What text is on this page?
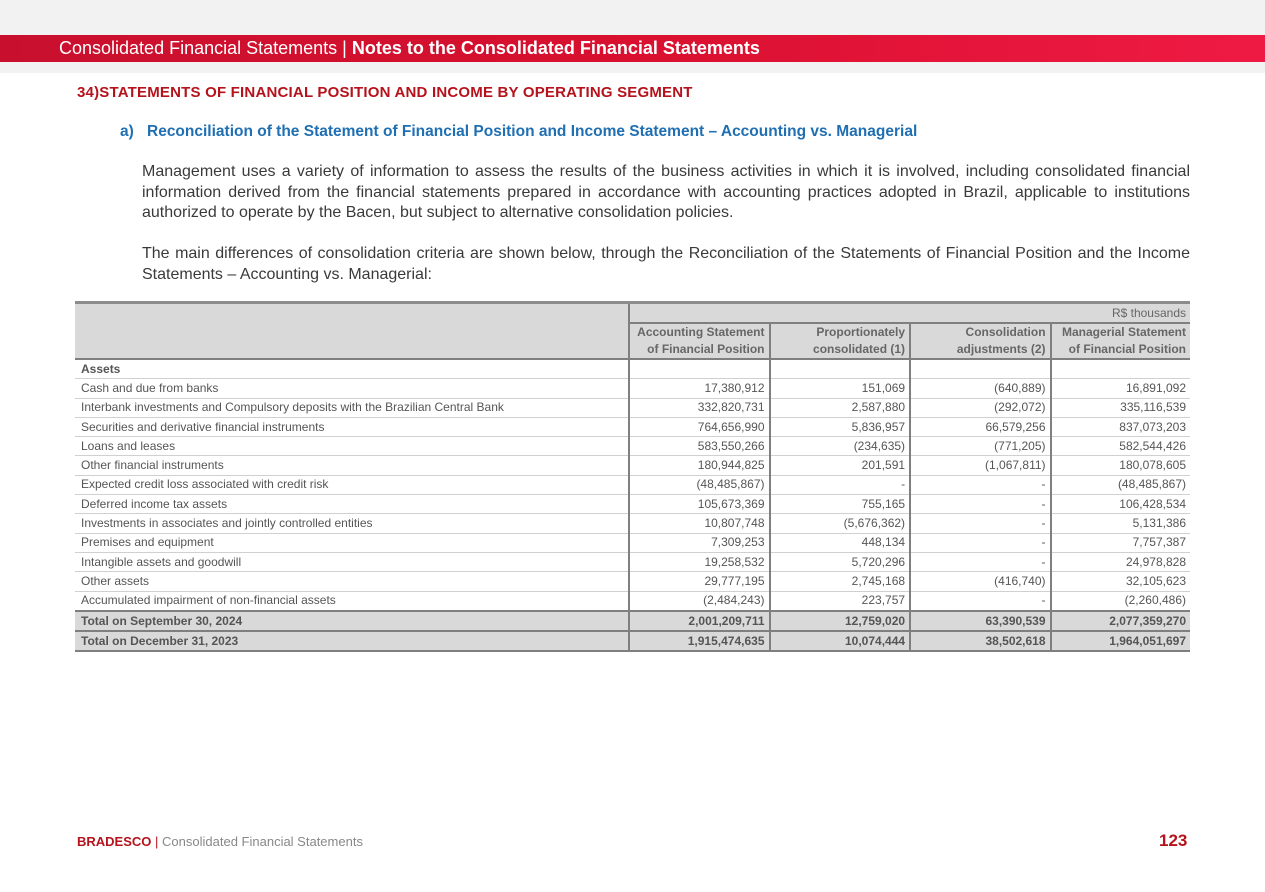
Consolidated Financial Statements | Notes to the Consolidated Financial Statements
34)STATEMENTS OF FINANCIAL POSITION AND INCOME BY OPERATING SEGMENT
a) Reconciliation of the Statement of Financial Position and Income Statement – Accounting vs. Managerial
Management uses a variety of information to assess the results of the business activities in which it is involved, including consolidated financial information derived from the financial statements prepared in accordance with accounting practices adopted in Brazil, applicable to institutions authorized to operate by the Bacen, but subject to alternative consolidation policies.
The main differences of consolidation criteria are shown below, through the Reconciliation of the Statements of Financial Position and the Income Statements – Accounting vs. Managerial:
	R$ thousands			
	Accounting Statement of Financial Position	Proportionately consolidated (1)	Consolidation adjustments (2)	Managerial Statement of Financial Position
Assets				
Cash and due from banks	17,380,912	151,069	(640,889)	16,891,092
Interbank investments and Compulsory deposits with the Brazilian Central Bank	332,820,731	2,587,880	(292,072)	335,116,539
Securities and derivative financial instruments	764,656,990	5,836,957	66,579,256	837,073,203
Loans and leases	583,550,266	(234,635)	(771,205)	582,544,426
Other financial instruments	180,944,825	201,591	(1,067,811)	180,078,605
Expected credit loss associated with credit risk	(48,485,867)	-	-	(48,485,867)
Deferred income tax assets	105,673,369	755,165	-	106,428,534
Investments in associates and jointly controlled entities	10,807,748	(5,676,362)	-	5,131,386
Premises and equipment	7,309,253	448,134	-	7,757,387
Intangible assets and goodwill	19,258,532	5,720,296	-	24,978,828
Other assets	29,777,195	2,745,168	(416,740)	32,105,623
Accumulated impairment of non-financial assets	(2,484,243)	223,757	-	(2,260,486)
Total on September 30, 2024	2,001,209,711	12,759,020	63,390,539	2,077,359,270
Total on December 31, 2023	1,915,474,635	10,074,444	38,502,618	1,964,051,697
BRADESCO | Consolidated Financial Statements	123
